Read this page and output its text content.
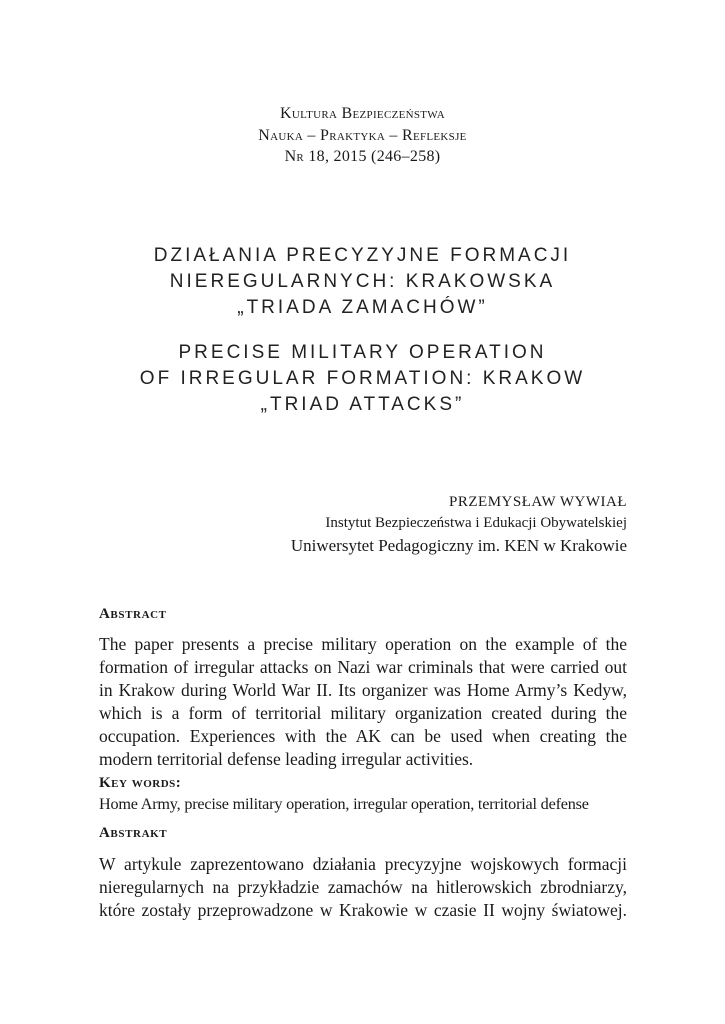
Kultura Bezpieczeństwa
Nauka – Praktyka – Refleksje
Nr 18, 2015 (246–258)
DZIAŁANIA PRECYZYJNE FORMACJI
NIEREGULARNYCH: KRAKOWSKA
„TRIADA ZAMACHÓW”
PRECISE MILITARY OPERATION
OF IRREGULAR FORMATION: KRAKOW
„TRIAD ATTACKS”
PRZEMYSŁAW WYWIAŁ
Instytut Bezpieczeństwa i Edukacji Obywatelskiej
Uniwersytet Pedagogiczny im. KEN w Krakowie
Abstract

The paper presents a precise military operation on the example of the formation of irregular attacks on Nazi war criminals that were carried out in Krakow during World War II. Its organizer was Home Army’s Kedyw, which is a form of territorial military organization created during the occupation. Experiences with the AK can be used when creating the modern territorial defense leading irregular activities.

Key words:
Home Army, precise military operation, irregular operation, territorial defense
Abstrakt

W artykule zaprezentowano działania precyzyjne wojskowych formacji nieregularnych na przykładzie zamachów na hitlerowskich zbrodniarzy, które zostały przeprowadzone w Krakowie w czasie II wojny światowej.
